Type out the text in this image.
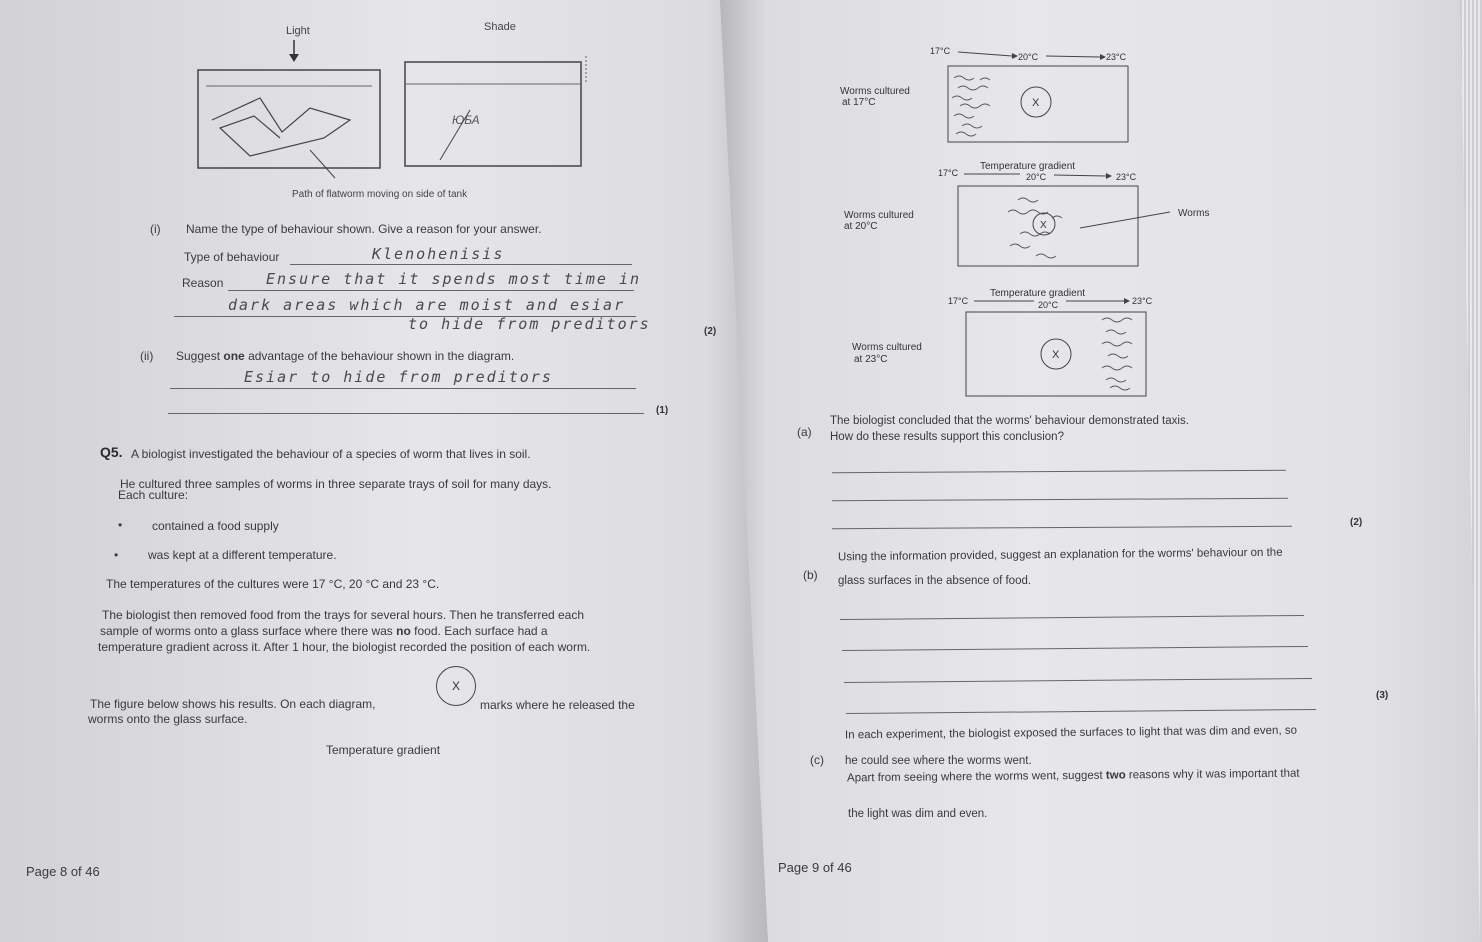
Light	Shade
ЮБА
Path of flatworm moving on side of tank
(i) Name the type of behaviour shown. Give a reason for your answer.
Type of behaviour	Klenohenisis
Reason	Ensure that it spends most time in
dark areas which are moist and esiar
to hide from preditors	(2)
(ii) Suggest one advantage of the behaviour shown in the diagram.
Esiar to hide from preditors
(1)
Q5. A biologist investigated the behaviour of a species of worm that lives in soil.
He cultured three samples of worms in three separate trays of soil for many days.
Each culture:
• contained a food supply
• was kept at a different temperature.
The temperatures of the cultures were 17 °C, 20 °C and 23 °C.
The biologist then removed food from the trays for several hours. Then he transferred each
sample of worms onto a glass surface where there was no food. Each surface had a
temperature gradient across it. After 1 hour, the biologist recorded the position of each worm.
The figure below shows his results. On each diagram,
X
marks where he released the
worms onto the glass surface.
Temperature gradient
Page 8 of 46
17°C
20°C	23°C
Worms cultured
at 17°C	X
Temperature gradient
17°C	20°C	23°C
Worms cultured
at 20°C	X
Worms
Temperature gradient
17°C	20°C	23°C
Worms cultured
at 23°C	X
(a)
The biologist concluded that the worms' behaviour demonstrated taxis.
How do these results support this conclusion?
(2)
(b)
Using the information provided, suggest an explanation for the worms' behaviour on the
glass surfaces in the absence of food.
(3)
(c)
In each experiment, the biologist exposed the surfaces to light that was dim and even, so
he could see where the worms went.
Apart from seeing where the worms went, suggest two reasons why it was important that
the light was dim and even.
Page 9 of 46
